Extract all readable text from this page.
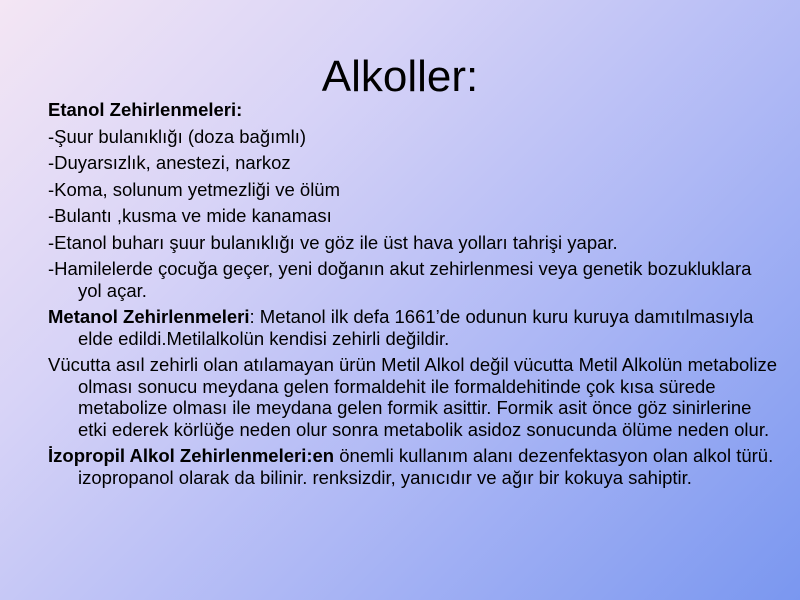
Alkoller:

Etanol Zehirlenmeleri:

-Şuur bulanıklığı (doza bağımlı)

-Duyarsızlık, anestezi, narkoz

-Koma, solunum yetmezliği ve ölüm

-Bulantı ,kusma ve mide kanaması

-Etanol buharı şuur bulanıklığı ve göz ile üst hava yolları tahrişi yapar.

-Hamilelerde çocuğa geçer, yeni doğanın akut zehirlenmesi veya genetik bozukluklara yol açar.

Metanol Zehirlenmeleri: Metanol ilk defa 1661’de odunun kuru kuruya damıtılmasıyla elde edildi.Metilalkolün kendisi zehirli değildir.

Vücutta asıl zehirli olan atılamayan ürün Metil Alkol değil vücutta Metil Alkolün metabolize olması sonucu meydana gelen formaldehit ile formaldehitinde çok kısa sürede metabolize olması ile meydana gelen formik asittir. Formik asit önce göz sinirlerine etki ederek körlüğe neden olur sonra metabolik asidoz sonucunda ölüme neden olur.

İzopropil Alkol Zehirlenmeleri:en önemli kullanım alanı dezenfektasyon olan alkol türü.
izopropanol olarak da bilinir. renksizdir, yanıcıdır ve ağır bir kokuya sahiptir.
